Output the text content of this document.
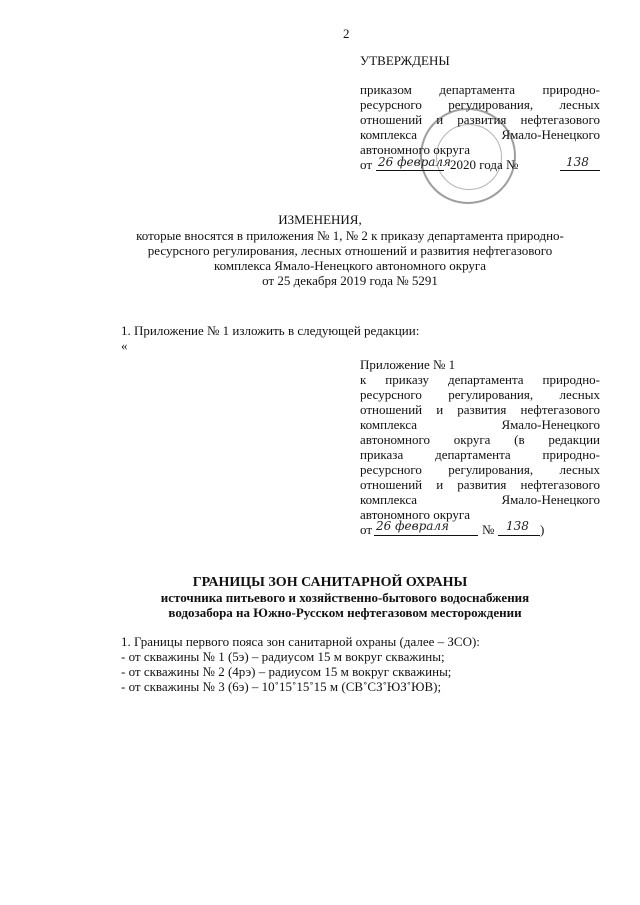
2
УТВЕРЖДЕНЫ
приказом департамента природно-
ресурсного регулирования, лесных
отношений и развития нефтегазового
комплекса Ямало-Ненецкого
автономного округа
от 26 февраля 2020 года №	138
ИЗМЕНЕНИЯ,
которые вносятся в приложения № 1, № 2 к приказу департамента природно-
ресурсного регулирования, лесных отношений и развития нефтегазового
комплекса Ямало-Ненецкого автономного округа
от 25 декабря 2019 года № 5291
1. Приложение № 1 изложить в следующей редакции:
«
Приложение № 1
к приказу департамента природно-
ресурсного регулирования, лесных
отношений и развития нефтегазового
комплекса Ямало-Ненецкого
автономного округа (в редакции
приказа департамента природно-
ресурсного регулирования, лесных
отношений и развития нефтегазового
комплекса Ямало-Ненецкого
автономного округа
от 26 февраля	№ 138 )
ГРАНИЦЫ ЗОН САНИТАРНОЙ ОХРАНЫ
источника питьевого и хозяйственно-бытового водоснабжения
водозабора на Южно-Русском нефтегазовом месторождении
1. Границы первого пояса зон санитарной охраны (далее – ЗСО):
- от скважины № 1 (5э) – радиусом 15 м вокруг скважины;
- от скважины № 2 (4рэ) – радиусом 15 м вокруг скважины;
- от скважины № 3 (6э) – 10˚15˚15˚15 м (СВ˚СЗ˚ЮЗ˚ЮВ);
